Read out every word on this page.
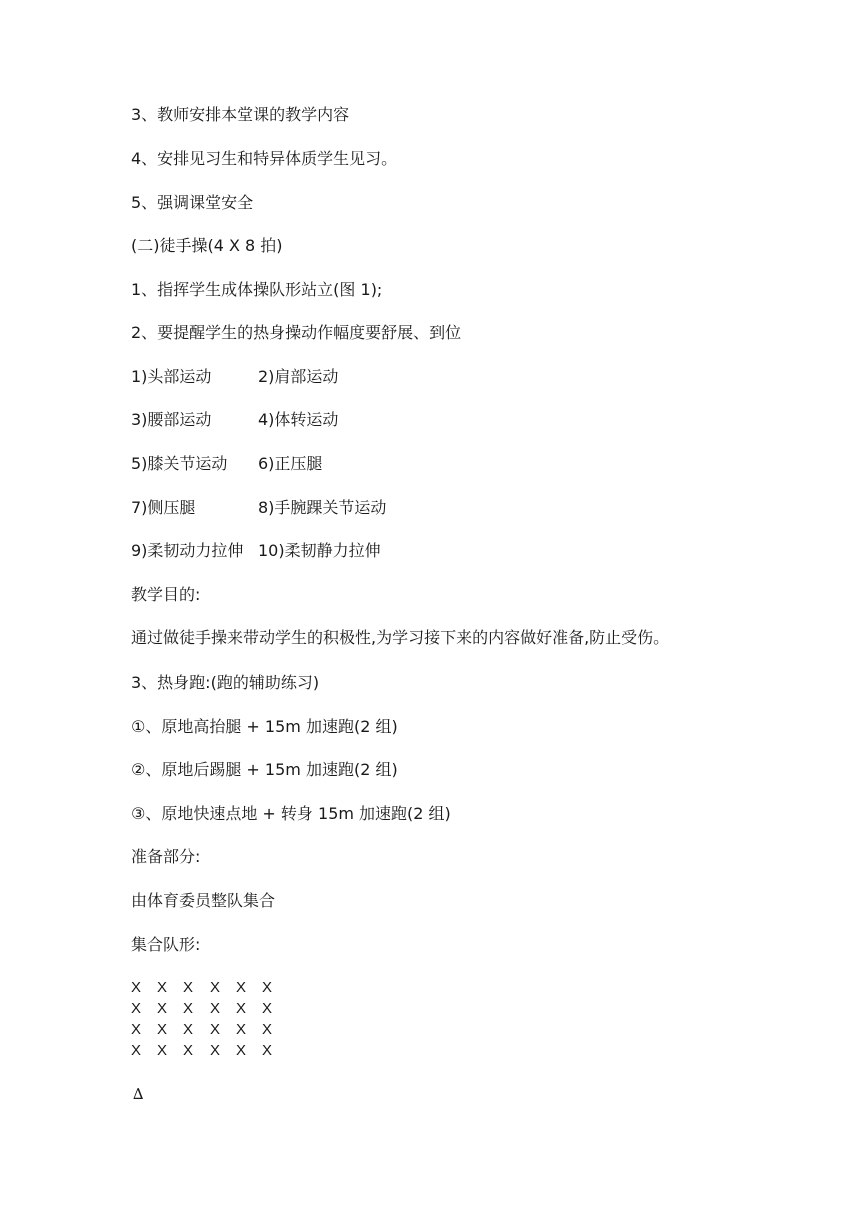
3、教师安排本堂课的教学内容
4、安排见习生和特异体质学生见习。
5、强调课堂安全
(二)徒手操(4 X 8 拍)
1、指挥学生成体操队形站立(图 1);
2、要提醒学生的热身操动作幅度要舒展、到位
1)头部运动	2)肩部运动
3)腰部运动	4)体转运动
5)膝关节运动 6)正压腿
7)侧压腿	8)手腕踝关节运动
9)柔韧动力拉伸 10)柔韧静力拉伸
教学目的:
通过做徒手操来带动学生的积极性,为学习接下来的内容做好准备,防止受伤。
3、热身跑:(跑的辅助练习)
①、原地高抬腿 + 15m 加速跑(2 组)
②、原地后踢腿 + 15m 加速跑(2 组)
③、原地快速点地 + 转身 15m 加速跑(2 组)
准备部分:
由体育委员整队集合
集合队形:
X X X X X X
X X X X X X
X X X X X X
X X X X X X
∆
